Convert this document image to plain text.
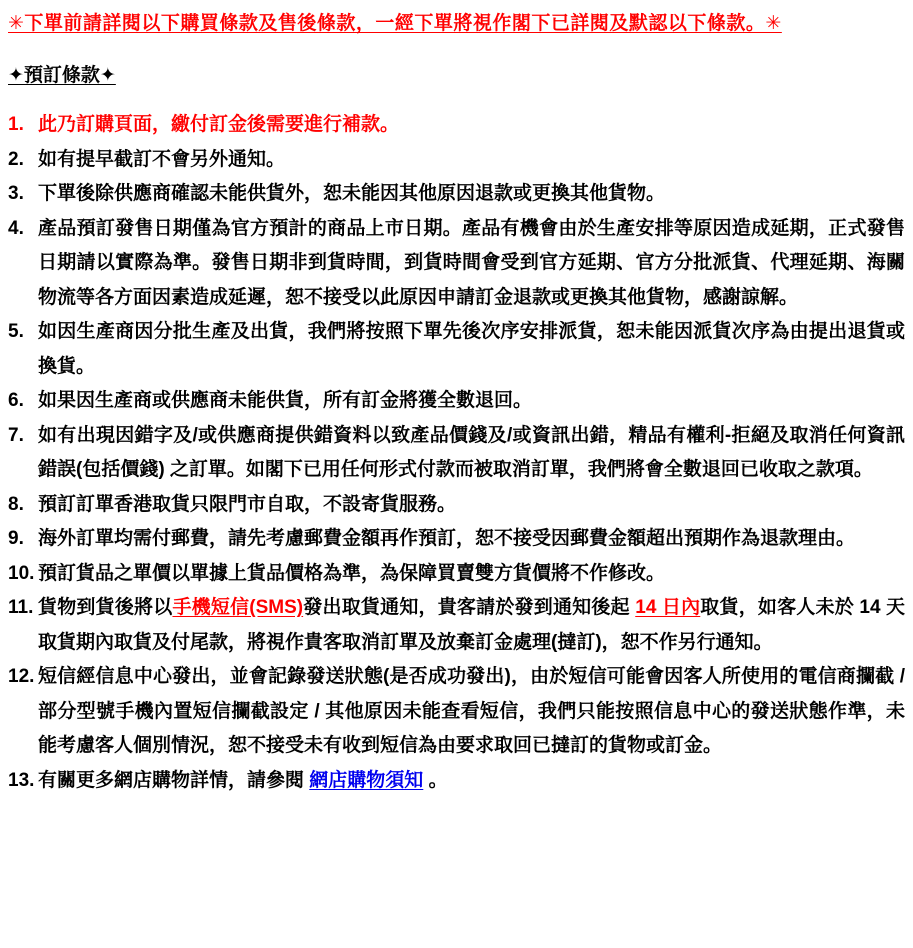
✳下單前請詳閱以下購買條款及售後條款，一經下單將視作閣下已詳閱及默認以下條款。✳
✦預訂條款✦
1. 此乃訂購頁面，繳付訂金後需要進行補款。
2. 如有提早截訂不會另外通知。
3. 下單後除供應商確認未能供貨外，恕未能因其他原因退款或更換其他貨物。
4. 產品預訂發售日期僅為官方預計的商品上市日期。產品有機會由於生產安排等原因造成延期，正式發售日期請以實際為準。發售日期非到貨時間，到貨時間會受到官方延期、官方分批派貨、代理延期、海關物流等各方面因素造成延遲，恕不接受以此原因申請訂金退款或更換其他貨物，感謝諒解。
5. 如因生產商因分批生產及出貨，我們將按照下單先後次序安排派貨，恕未能因派貨次序為由提出退貨或換貨。
6. 如果因生產商或供應商未能供貨，所有訂金將獲全數退回。
7. 如有出現因錯字及/或供應商提供錯資料以致產品價錢及/或資訊出錯，精品有權利-拒絕及取消任何資訊錯誤(包括價錢) 之訂單。如閣下已用任何形式付款而被取消訂單，我們將會全數退回已收取之款項。
8. 預訂訂單香港取貨只限門市自取，不設寄貨服務。
9. 海外訂單均需付郵費，請先考慮郵費金額再作預訂，恕不接受因郵費金額超出預期作為退款理由。
10. 預訂貨品之單價以單據上貨品價格為準，為保障買賣雙方貨價將不作修改。
11. 貨物到貨後將以手機短信(SMS)發出取貨通知，貴客請於發到通知後起 14 日內取貨，如客人未於 14 天取貨期內取貨及付尾款，將視作貴客取消訂單及放棄訂金處理(撻訂)，恕不作另行通知。
12. 短信經信息中心發出，並會記錄發送狀態(是否成功發出)，由於短信可能會因客人所使用的電信商攔截 / 部分型號手機內置短信攔截設定 / 其他原因未能查看短信，我們只能按照信息中心的發送狀態作準，未能考慮客人個別情況，恕不接受未有收到短信為由要求取回已撻訂的貨物或訂金。
13. 有關更多網店購物詳情，請參閱 網店購物須知 。
